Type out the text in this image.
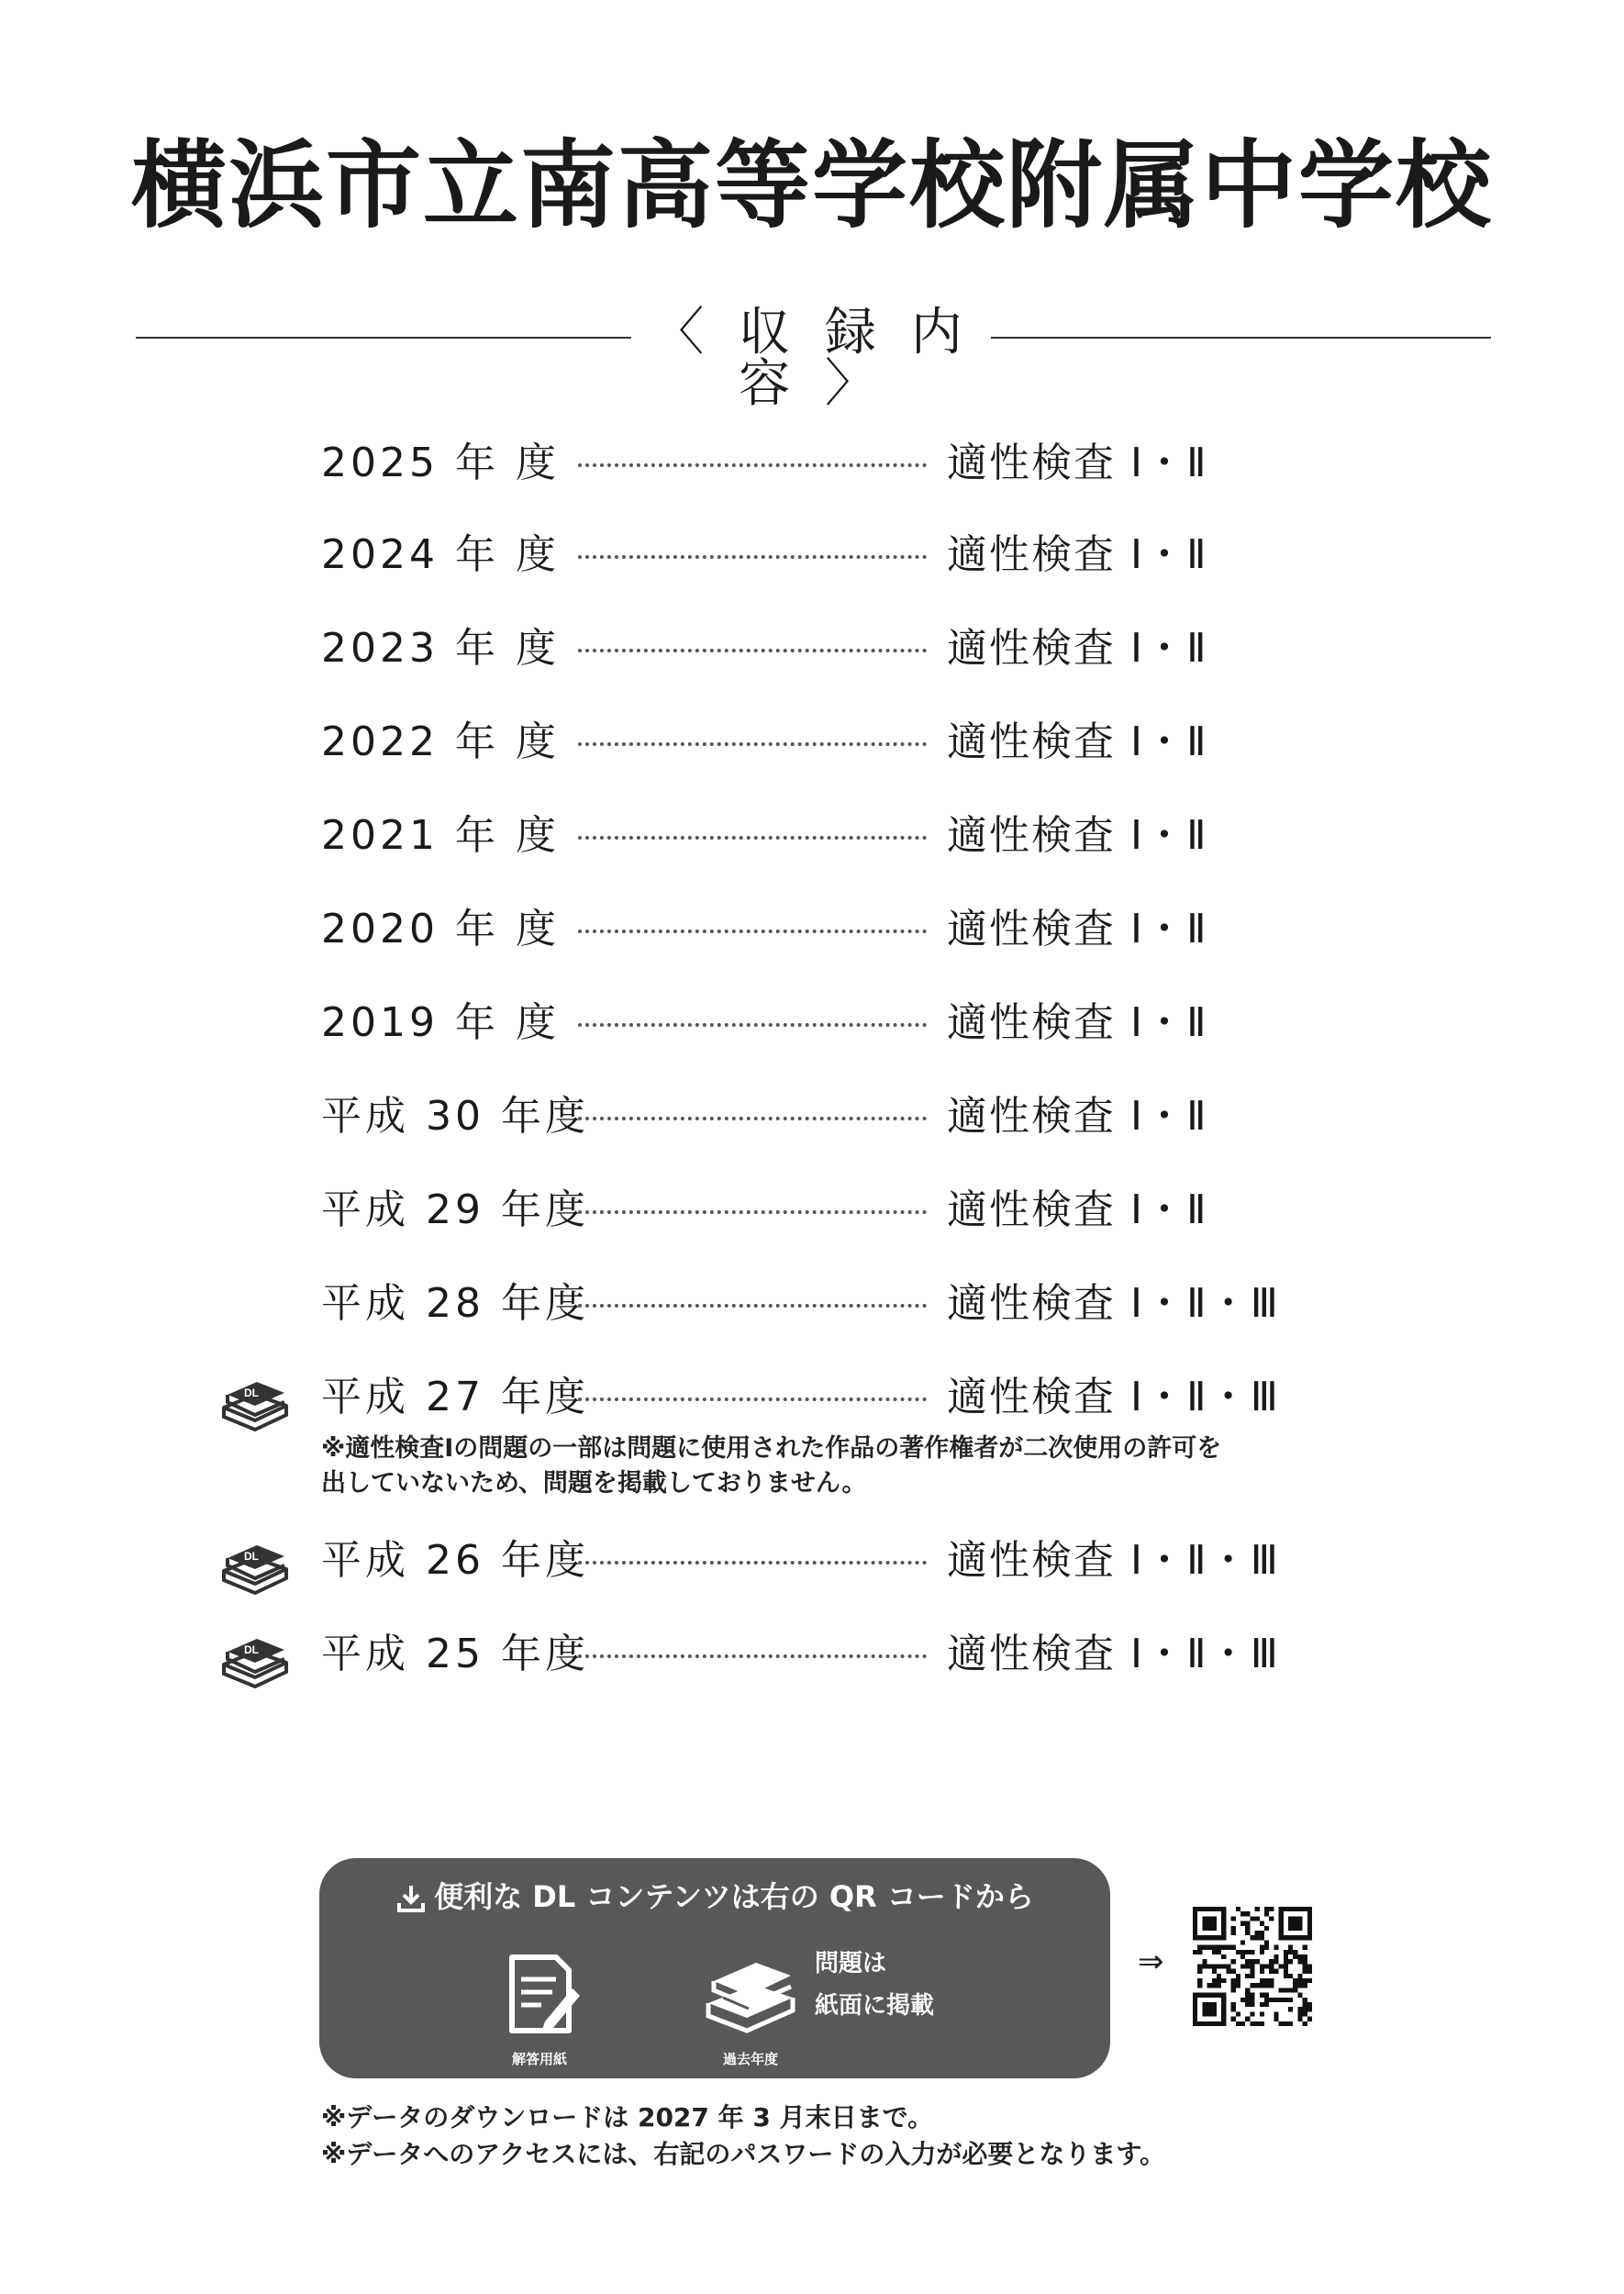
横浜市立南高等学校附属中学校
〈 収 録 内 容 〉
2025 年 度	適性検査 Ⅰ・Ⅱ
2024 年 度	適性検査 Ⅰ・Ⅱ
2023 年 度	適性検査 Ⅰ・Ⅱ
2022 年 度	適性検査 Ⅰ・Ⅱ
2021 年 度	適性検査 Ⅰ・Ⅱ
2020 年 度	適性検査 Ⅰ・Ⅱ
2019 年 度	適性検査 Ⅰ・Ⅱ
平成 30 年度	適性検査 Ⅰ・Ⅱ
平成 29 年度	適性検査 Ⅰ・Ⅱ
平成 28 年度	適性検査 Ⅰ・Ⅱ・Ⅲ
DL 平成 27 年度	適性検査 Ⅰ・Ⅱ・Ⅲ
DL 平成 26 年度	適性検査 Ⅰ・Ⅱ・Ⅲ
DL 平成 25 年度	適性検査 Ⅰ・Ⅱ・Ⅲ
※適性検査Ⅰの問題の一部は問題に使用された作品の著作権者が二次使用の許可を
出していないため、問題を掲載しておりません。
便利な DL コンテンツは右の QR コードから
解答用紙	過去年度
問題は
紙面に掲載
⇒
※データのダウンロードは 2027 年 3 月末日まで。
※データへのアクセスには、右記のパスワードの入力が必要となります。
